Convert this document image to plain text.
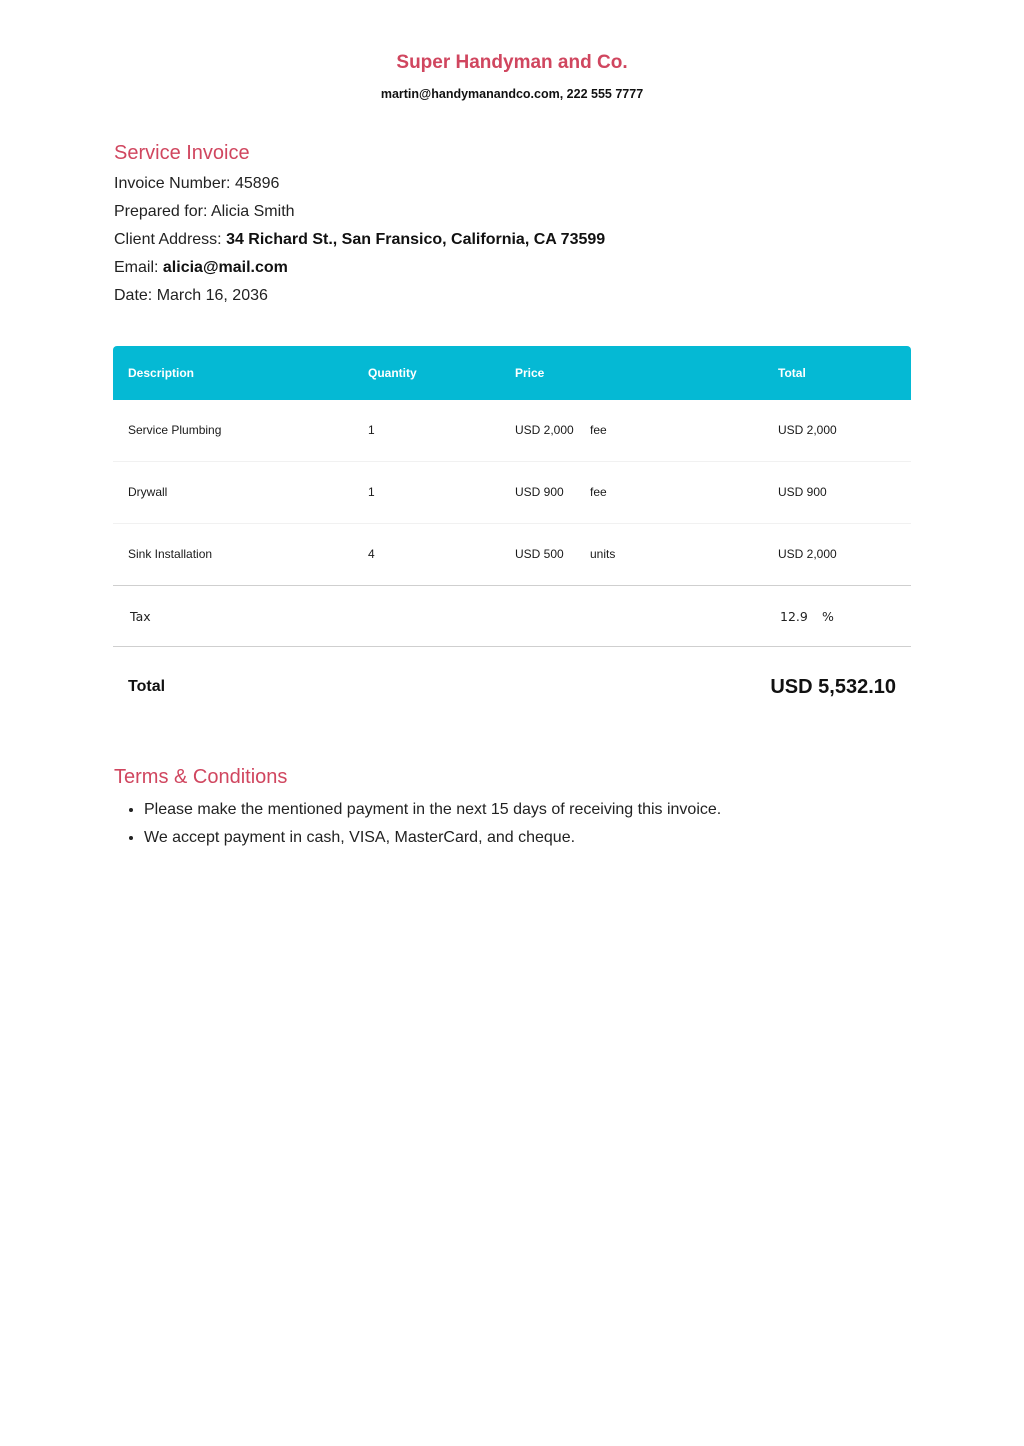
Super Handyman and Co.
martin@handymanandco.com, 222 555 7777
Service Invoice
Invoice Number: 45896
Prepared for: Alicia Smith
Client Address: 34 Richard St., San Fransico, California, CA 73599
Email: alicia@mail.com
Date: March 16, 2036
Description	Quantity	Price	Total
Service Plumbing	1	USD 2,000 fee	USD 2,000
Drywall	1	USD 900 fee	USD 900
Sink Installation	4	USD 500 units	USD 2,000
Tax	12.9 %
Total	USD 5,532.10
Terms & Conditions
• Please make the mentioned payment in the next 15 days of receiving this invoice.
• We accept payment in cash, VISA, MasterCard, and cheque.
